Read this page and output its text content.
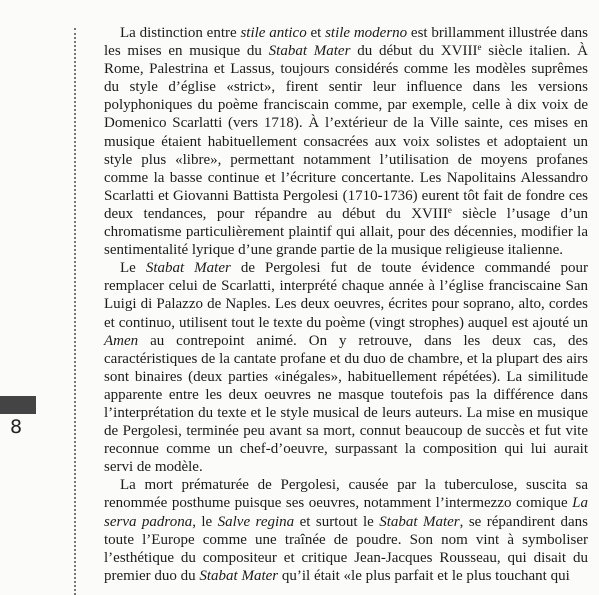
8

La distinction entre stile antico et stile moderno est brillamment illustrée dans les mises en musique du Stabat Mater du début du XVIIIe siècle italien. À Rome, Palestrina et Lassus, toujours considérés comme les modèles suprêmes du style d’église «strict», firent sentir leur influence dans les versions polyphoniques du poème franciscain comme, par exemple, celle à dix voix de Domenico Scarlatti (vers 1718). À l’extérieur de la Ville sainte, ces mises en musique étaient habituellement consacrées aux voix solistes et adoptaient un style plus «libre», permettant notamment l’utilisation de moyens profanes comme la basse continue et l’écriture concertante. Les Napolitains Alessandro Scarlatti et Giovanni Battista Pergolesi (1710-1736) eurent tôt fait de fondre ces deux tendances, pour répandre au début du XVIIIe siècle l’usage d’un chromatisme particulièrement plaintif qui allait, pour des décennies, modifier la sentimentalité lyrique d’une grande partie de la musique religieuse italienne.

Le Stabat Mater de Pergolesi fut de toute évidence commandé pour remplacer celui de Scarlatti, interprété chaque année à l’église franciscaine San Luigi di Palazzo de Naples. Les deux oeuvres, écrites pour soprano, alto, cordes et continuo, utilisent tout le texte du poème (vingt strophes) auquel est ajouté un Amen au contrepoint animé. On y retrouve, dans les deux cas, des caractéristiques de la cantate profane et du duo de chambre, et la plupart des airs sont binaires (deux parties «inégales», habituellement répétées). La similitude apparente entre les deux oeuvres ne masque toutefois pas la différence dans l’interprétation du texte et le style musical de leurs auteurs. La mise en musique de Pergolesi, terminée peu avant sa mort, connut beaucoup de succès et fut vite reconnue comme un chef-d’oeuvre, surpassant la composition qui lui aurait servi de modèle.

La mort prématurée de Pergolesi, causée par la tuberculose, suscita sa renommée posthume puisque ses oeuvres, notamment l’intermezzo comique La serva padrona, le Salve regina et surtout le Stabat Mater, se répandirent dans toute l’Europe comme une traînée de poudre. Son nom vint à symboliser l’esthétique du compositeur et critique Jean-Jacques Rousseau, qui disait du premier duo du Stabat Mater qu’il était «le plus parfait et le plus touchant qui
